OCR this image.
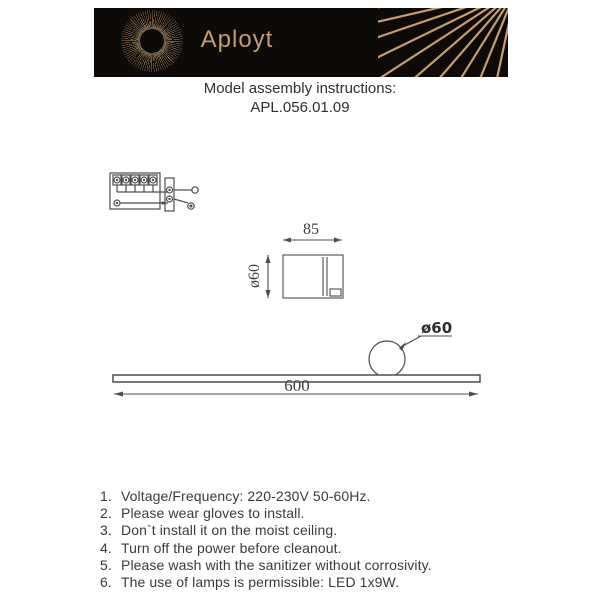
Aployt
Model assembly instructions:
APL.056.01.09
85
ø60
ø60
600
1. Voltage/Frequency: 220-230V 50-60Hz.
2. Please wear gloves to install.
3. Don`t install it on the moist ceiling.
4. Turn off the power before cleanout.
5. Please wash with the sanitizer without corrosivity.
6. The use of lamps is permissible: LED 1x9W.
